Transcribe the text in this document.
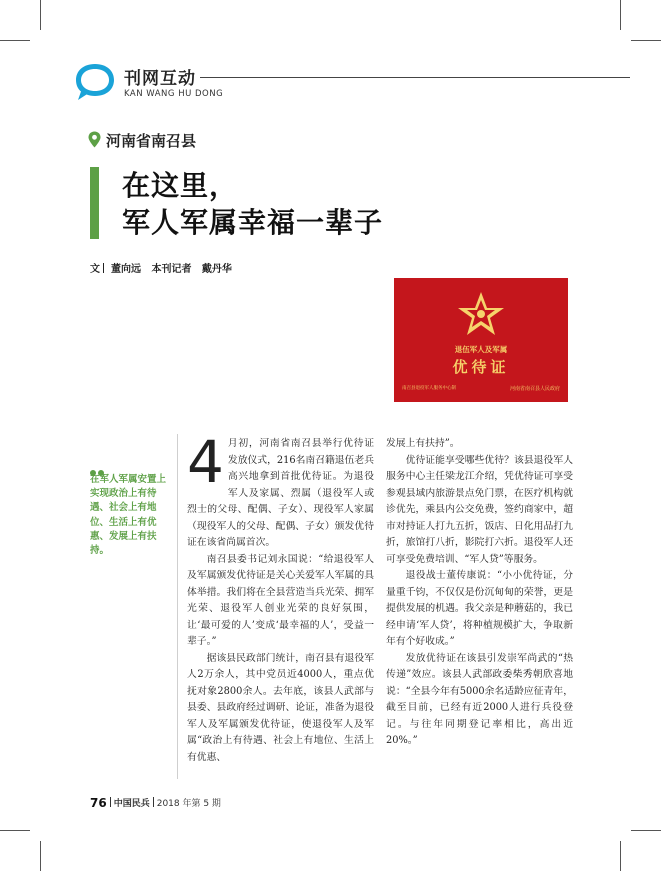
刊网互动
KAN WANG HU DONG
河南省南召县
在这里，
军人军属幸福一辈子
文 董向远   本刊记者   戴丹华
退伍军人及军属
优待证
南召县退役军人服务中心制	河南省南召县人民政府
在军人军属安置上实现政治上有待遇、社会上有地位、生活上有优惠、发展上有扶持。

4 月初，河南省南召县举行优待证发放仪式，216名南召籍退伍老兵高兴地拿到首批优待证。为退役军人及家属、烈属（退役军人或烈士的父母、配偶、子女）、现役军人家属（现役军人的父母、配偶、子女）颁发优待证在该省尚属首次。

南召县委书记刘永国说：“给退役军人及军属颁发优待证是关心关爱军人军属的具体举措。我们将在全县营造当兵光荣、拥军光荣、退役军人创业光荣的良好氛围，让‘最可爱的人’变成‘最幸福的人’，受益一辈子。”

据该县民政部门统计，南召县有退役军人2万余人，其中党员近4000人，重点优抚对象2800余人。去年底，该县人武部与县委、县政府经过调研、论证，准备为退役军人及军属颁发优待证，使退役军人及军属“政治上有待遇、社会上有地位、生活上有优惠、

发展上有扶持”。

优待证能享受哪些优待？该县退役军人服务中心主任梁龙江介绍，凭优待证可享受参观县域内旅游景点免门票，在医疗机构就诊优先，乘县内公交免费，签约商家中，超市对持证人打九五折，饭店、日化用品打九折，旅馆打八折，影院打六折。退役军人还可享受免费培训、“军人贷”等服务。

退役战士董传康说：“小小优待证，分量重千钧，不仅仅是份沉甸甸的荣誉，更是提供发展的机遇。我父亲是种蘑菇的，我已经申请‘军人贷’，将种植规模扩大，争取新年有个好收成。”

发放优待证在该县引发崇军尚武的“热传递”效应。该县人武部政委柴秀朝欣喜地说：“全县今年有5000余名适龄应征青年，截至目前，已经有近2000人进行兵役登记。与往年同期登记率相比，高出近20%。”

76 中国民兵 2018 年第 5 期
